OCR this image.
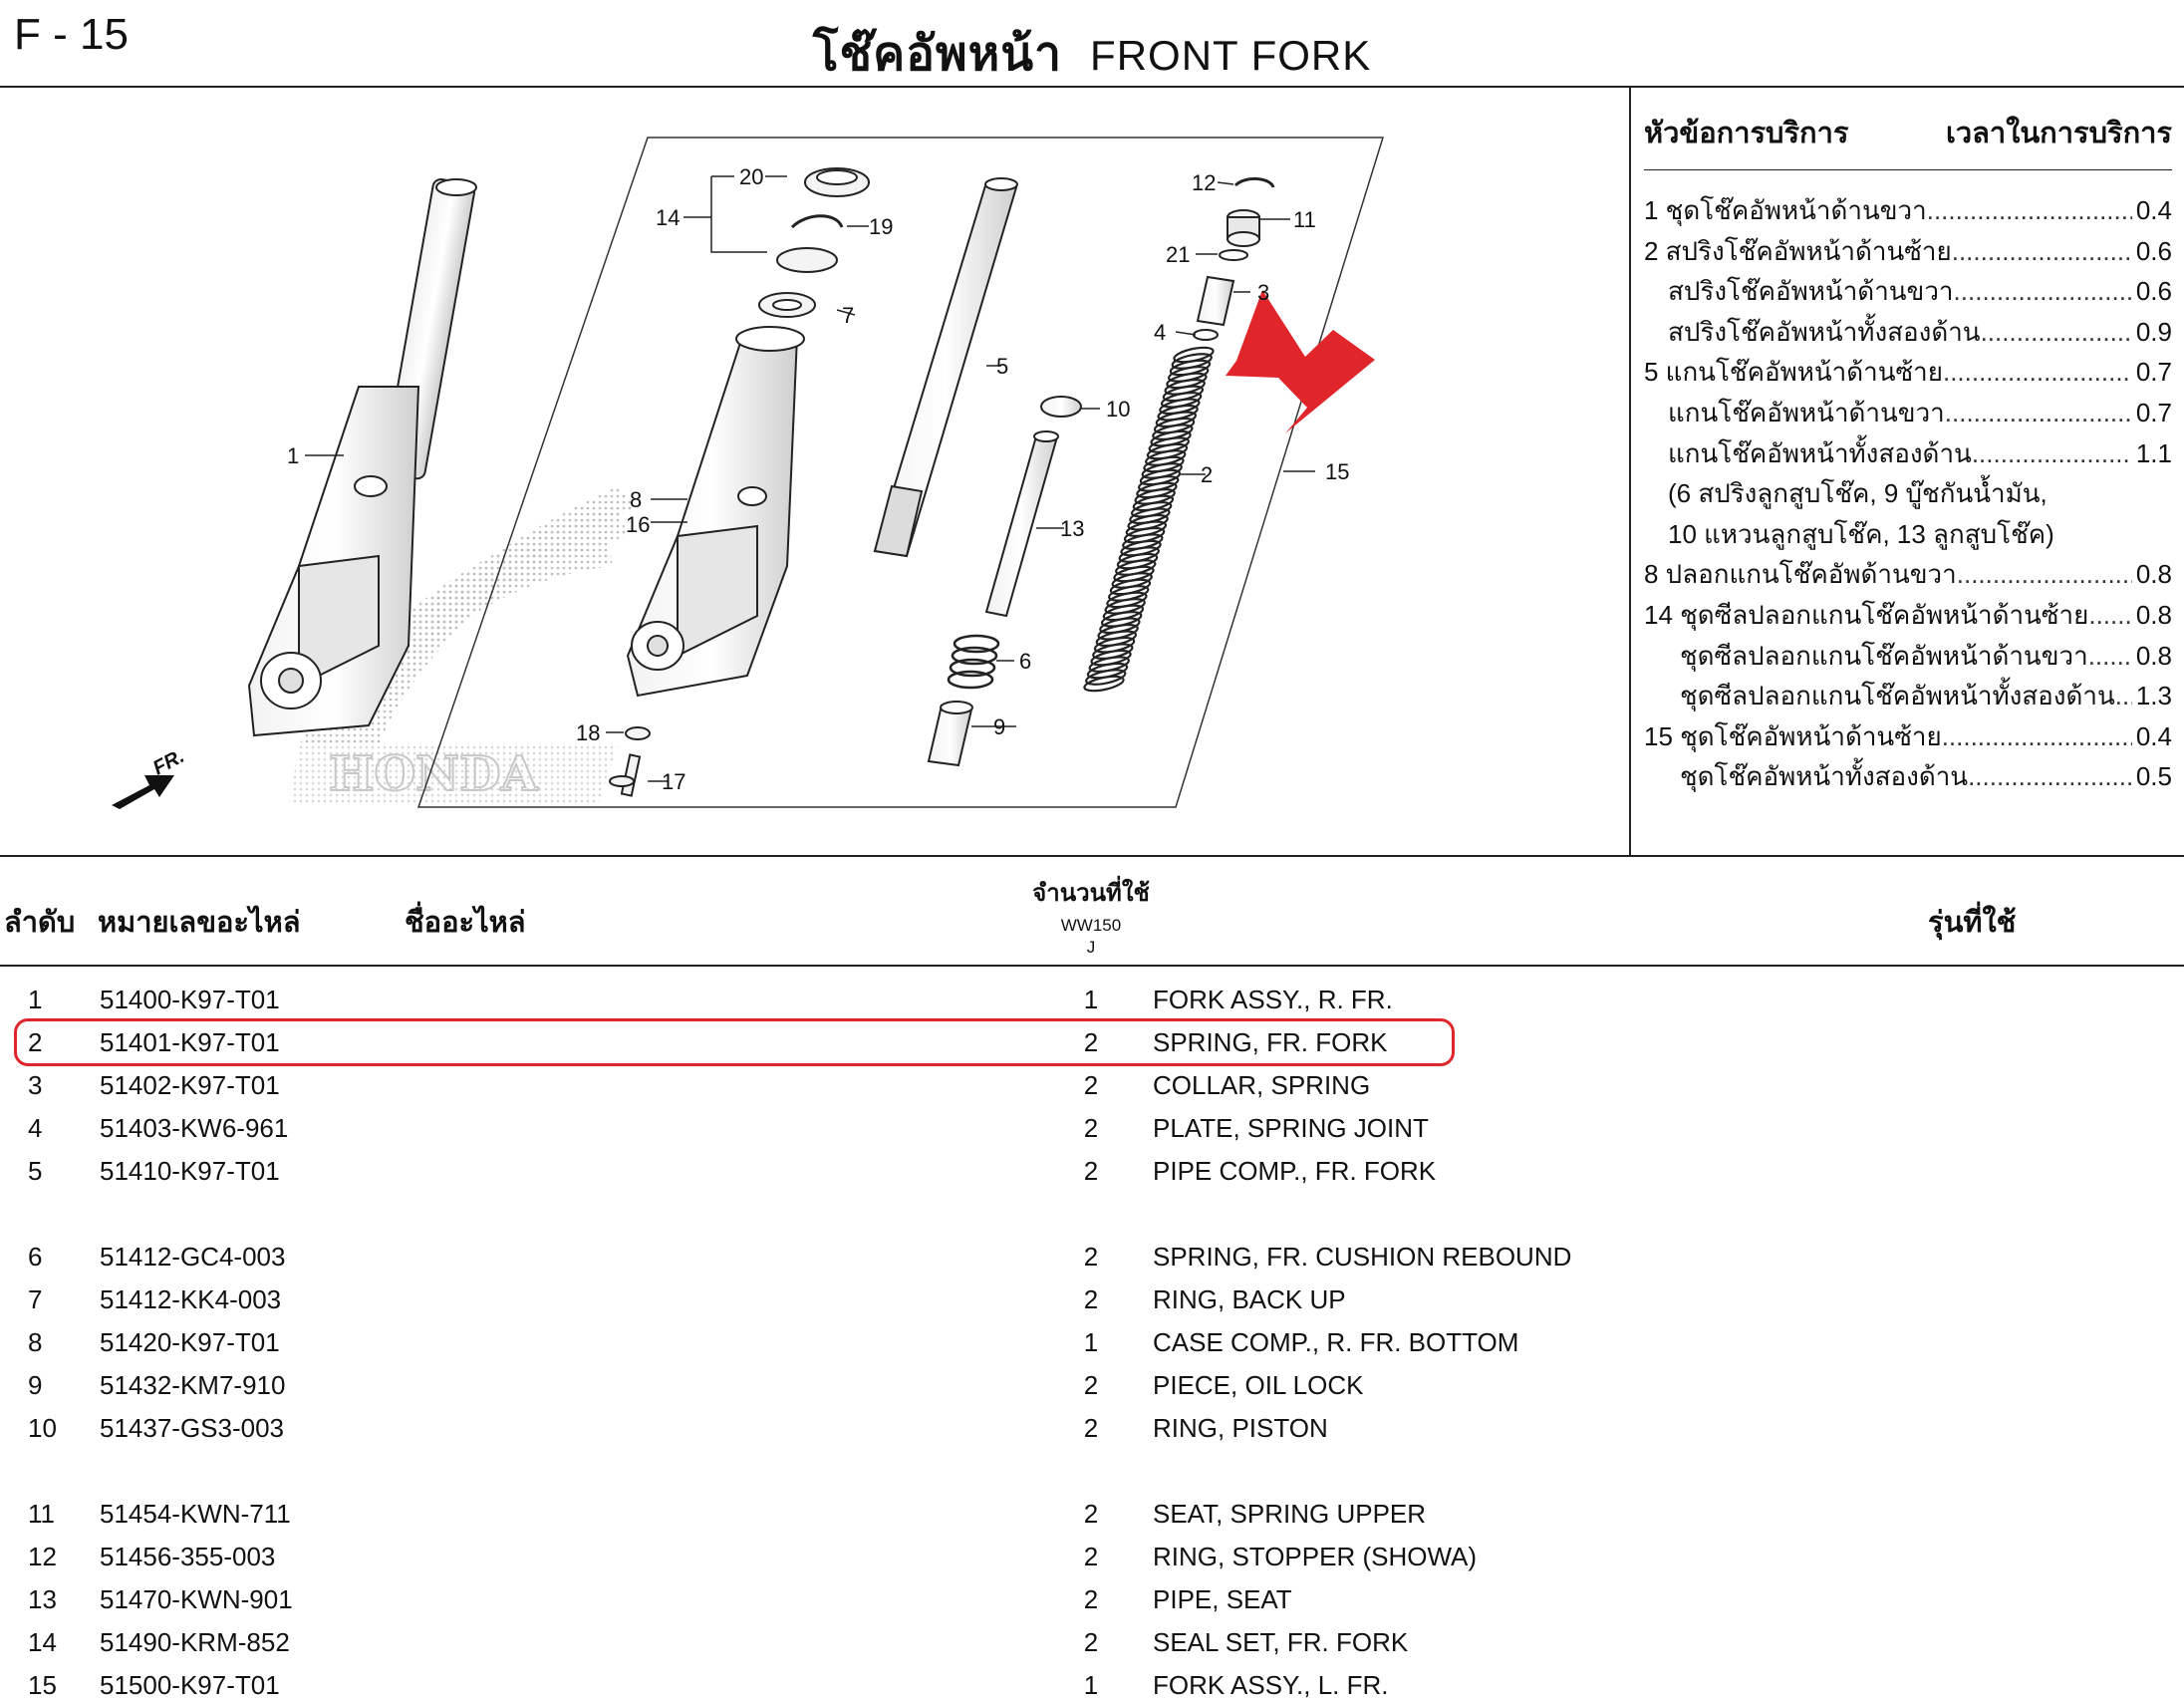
F - 15	โช๊คอัพหน้า FRONT FORK
HONDA
FR.
1
2
3
4
5
6
7
8
9
10
11
12
13
14
15
16
17
18
19
20
21
หัวข้อการบริการ	เวลาในการบริการ
1 ชุดโช๊คอัพหน้าด้านขวา .....	0.4
2 สปริงโช๊คอัพหน้าด้านซ้าย .....	0.6
สปริงโช๊คอัพหน้าด้านขวา .....	0.6
สปริงโช๊คอัพหน้าทั้งสองด้าน .....	0.9
5 แกนโช๊คอัพหน้าด้านซ้าย .....	0.7
แกนโช๊คอัพหน้าด้านขวา .....	0.7
แกนโช๊คอัพหน้าทั้งสองด้าน .....	1.1
(6 สปริงลูกสูบโช๊ค, 9 บู๊ชกันน้ำมัน,
10 แหวนลูกสูบโช๊ค, 13 ลูกสูบโช๊ค)
8 ปลอกแกนโช๊คอัพด้านขวา .....	0.8
14 ชุดซีลปลอกแกนโช๊คอัพหน้าด้านซ้าย ..... 0.8
ชุดซีลปลอกแกนโช๊คอัพหน้าด้านขวา ..... 0.8
ชุดซีลปลอกแกนโช๊คอัพหน้าทั้งสองด้าน ..... 1.3
15 ชุดโช๊คอัพหน้าด้านซ้าย .....	0.4
ชุดโช๊คอัพหน้าทั้งสองด้าน .....	0.5
ลำดับ หมายเลขอะไหล่	ชื่ออะไหล่
จำนวนที่ใช้
WW150
J
รุ่นที่ใช้
1 51400-K97-T01	1	FORK ASSY., R. FR.
2 51401-K97-T01	2	SPRING, FR. FORK
3 51402-K97-T01	2	COLLAR, SPRING
4 51403-KW6-961	2	PLATE, SPRING JOINT
5 51410-K97-T01	2	PIPE COMP., FR. FORK
6 51412-GC4-003	2	SPRING, FR. CUSHION REBOUND
7 51412-KK4-003	2	RING, BACK UP
8 51420-K97-T01	1	CASE COMP., R. FR. BOTTOM
9 51432-KM7-910	2	PIECE, OIL LOCK
10 51437-GS3-003	2	RING, PISTON
11 51454-KWN-711	2	SEAT, SPRING UPPER
12 51456-355-003	2	RING, STOPPER (SHOWA)
13 51470-KWN-901	2	PIPE, SEAT
14 51490-KRM-852	2	SEAL SET, FR. FORK
15 51500-K97-T01	1	FORK ASSY., L. FR.
